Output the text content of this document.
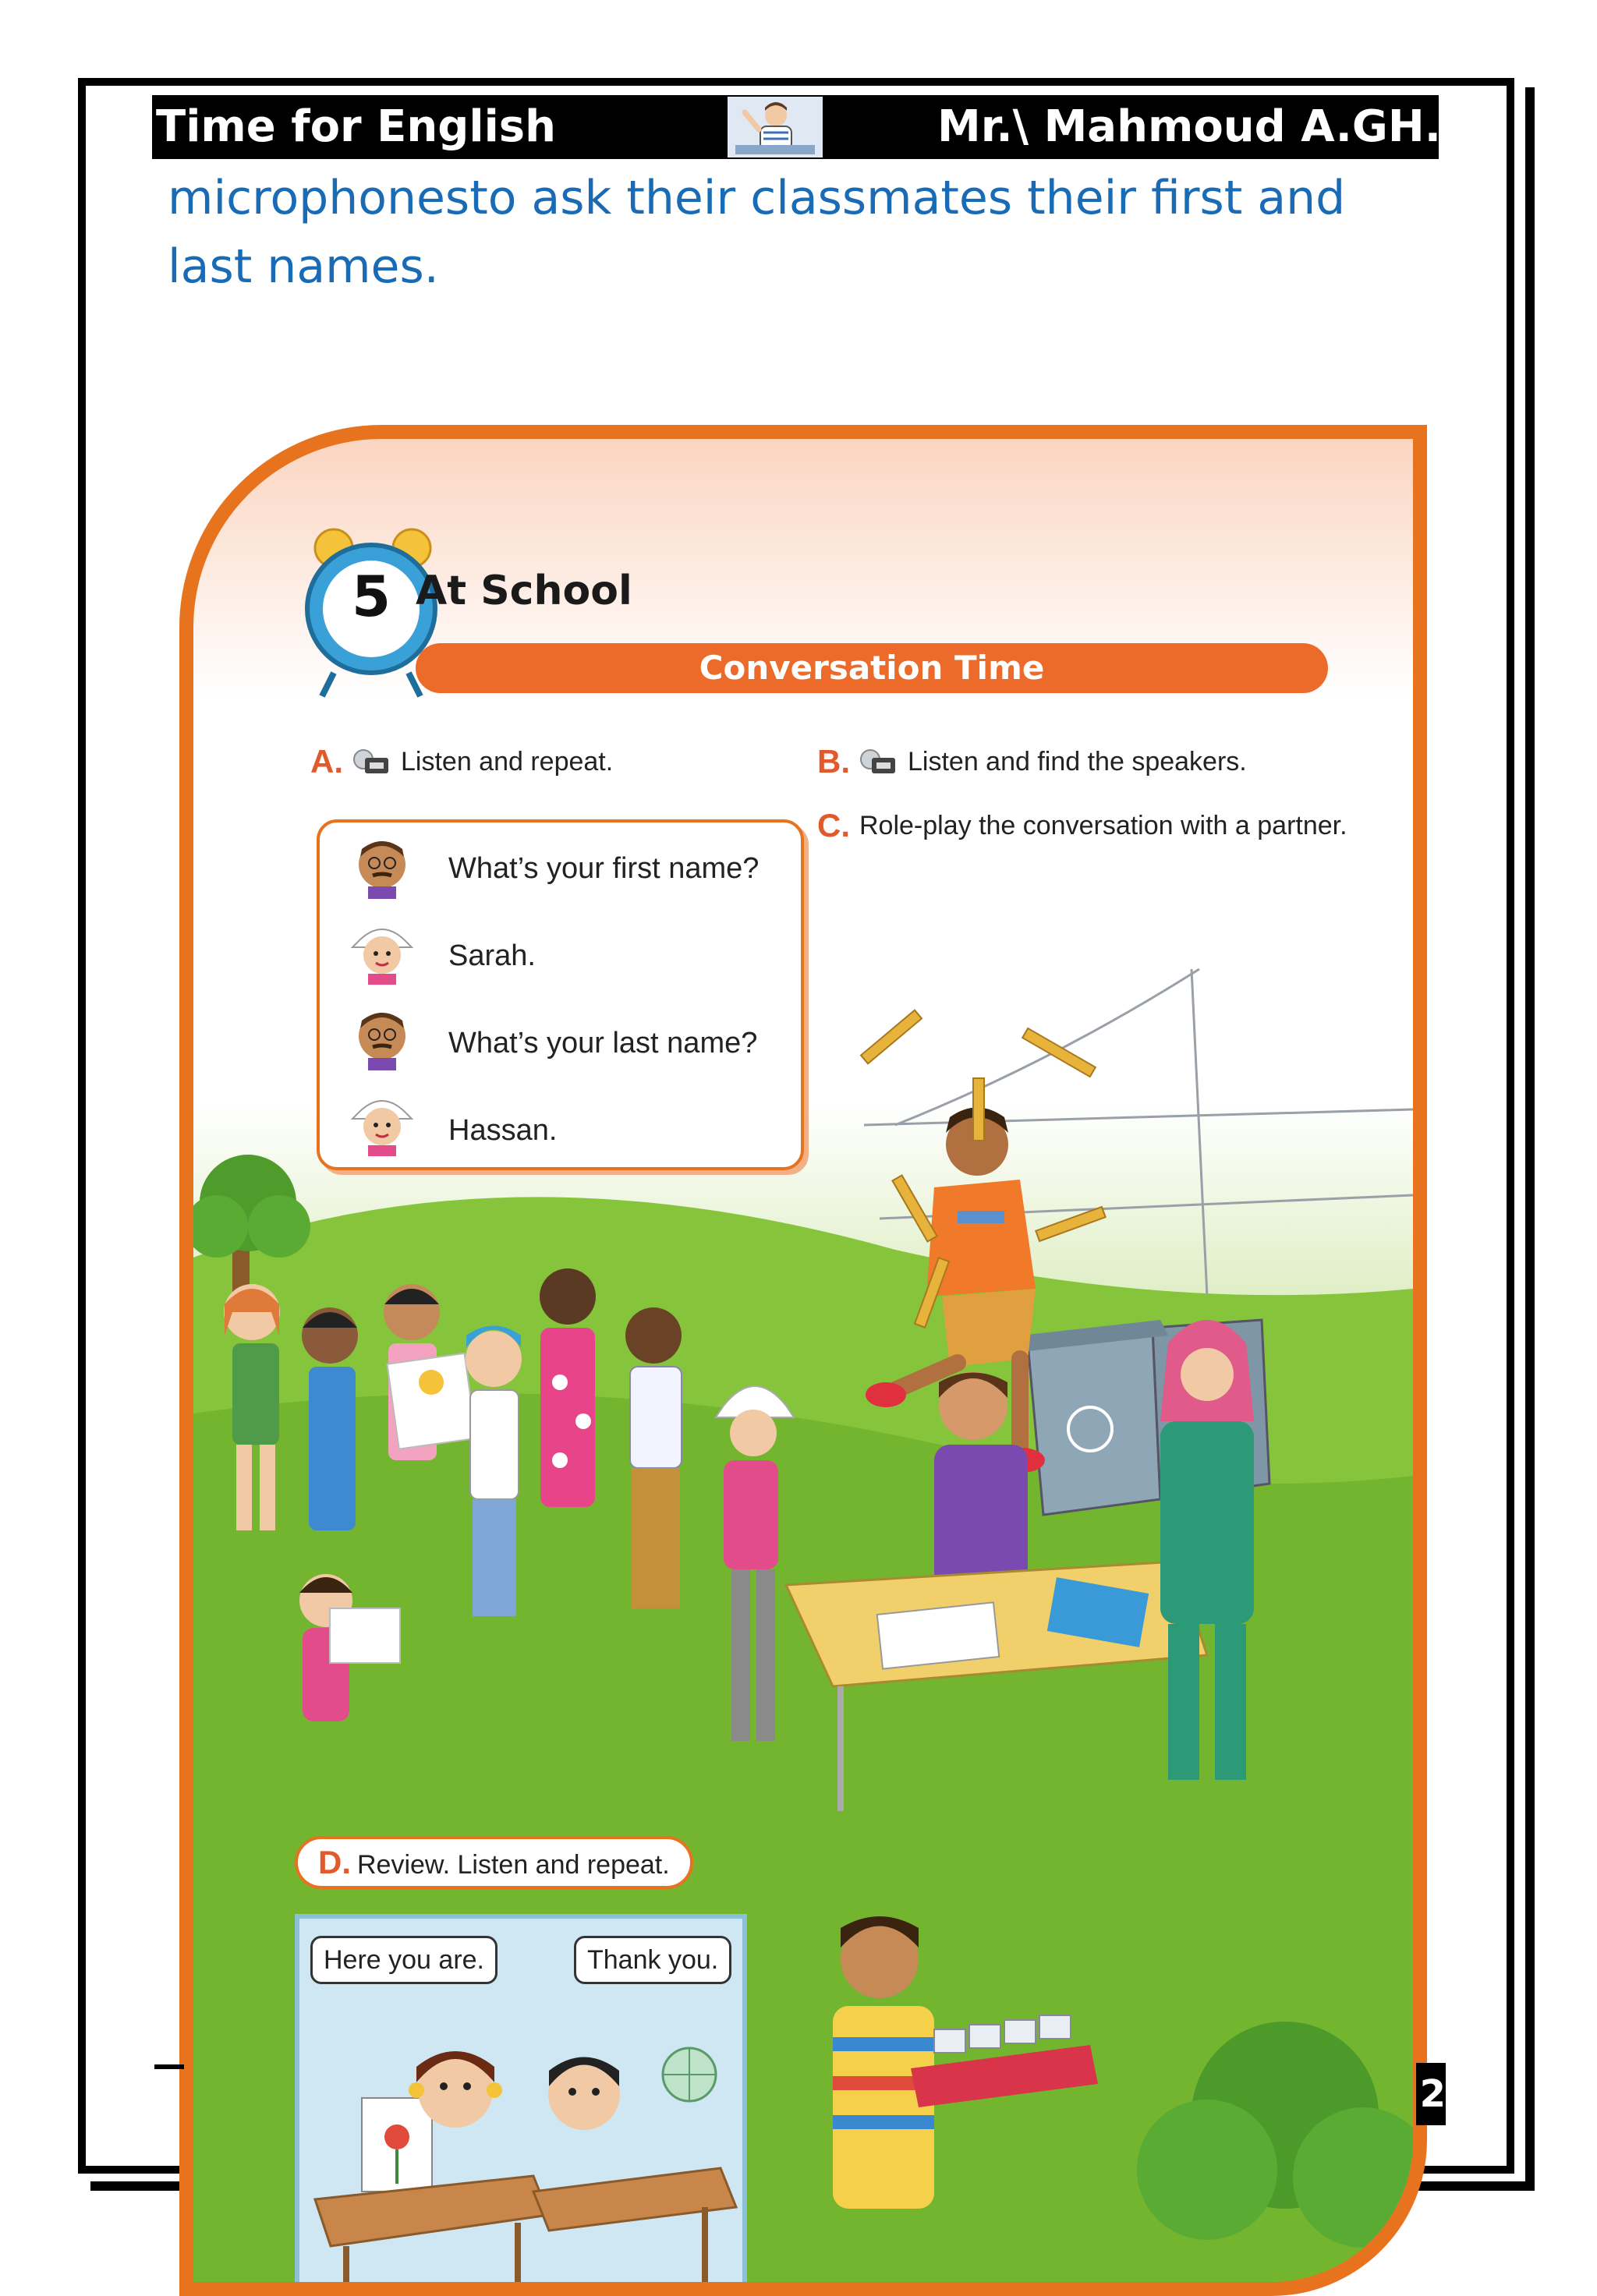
Time for English	Mr.\ Mahmoud A.GH.
microphonesto ask their classmates their first and last names.
5 At School
Conversation Time
A. Listen and repeat.	B. Listen and find the speakers.
C. Role-play the conversation with a partner.
What’s your first name?
Sarah.
What’s your last name?
Hassan.
D. Review. Listen and repeat.
Here you are.	Thank you.
2
